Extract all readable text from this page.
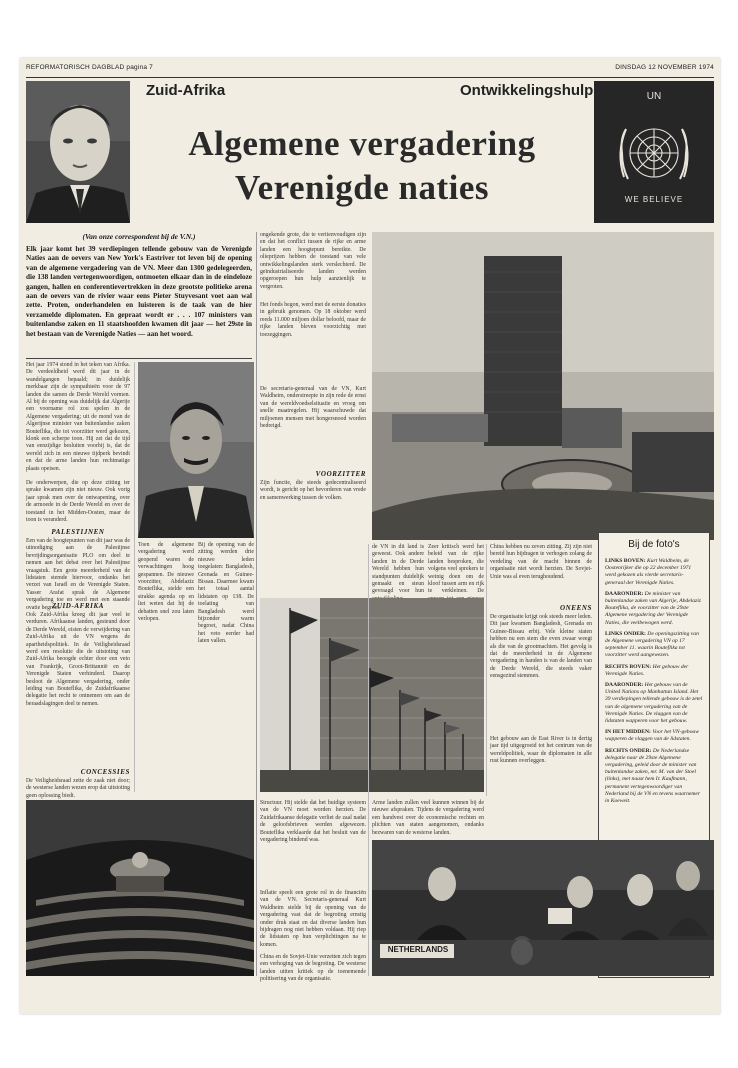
REFORMATORISCH DAGBLAD pagina 7	DINSDAG 12 NOVEMBER 1974
Zuid-Afrika	Ontwikkelingshulp
Algemene vergadering
Verenigde naties
UN
WE BELIEVE
(Van onze correspondent bij de V.N.)
Elk jaar komt het 39 verdiepingen tellende gebouw van de Verenigde Naties aan de oevers van New York's Eastriver tot leven bij de opening van de algemene vergadering van de VN. Meer dan 1300 gedelegeerden, die 138 landen vertegenwoordigen, ontmoeten elkaar dan in de eindeloze gangen, hallen en conferentievertrekken in deze grootste politieke arena aan de oevers van de rivier waar eens Pieter Stuyvesant voet aan wal zette. Proten, onderhandelen en luisteren is de taak van de hier verzamelde diplomaten. En gepraat wordt er . . . 107 ministers van buitenlandse zaken en 11 staatshoofden kwamen dit jaar — het 29ste in het bestaan van de Verenigde Naties — aan het woord.
Het jaar 1974 stond in het teken van Afrika. De verdeeldheid werd dit jaar in de wandelgangen bepaald; in duidelijk merkbaar zijn de sympathieën voor de 97 landen die samen de Derde Wereld vormen. Al bij de opening was duidelijk dat Algerije een voorname rol zou spelen in de Algemene vergadering; uit de mond van de Algerijnse minister van buitenlandse zaken Bouteflika, die tot voorzitter werd gekozen, klonk een scherpe toon. Hij zei dat de tijd van eenzijdige besluiten voorbij is, dat de wereld zich in een nieuwe tijdperk bevindt en dat de arme landen hun rechtmatige plaats opeisen.
De onderwerpen, die op deze zitting ter sprake kwamen zijn niet nieuw. Ook vorig jaar sprak men over de ontwapening, over de armoede in de Derde Wereld en over de toestand in het Midden-Oosten, maar de toon is veranderd.
PALESTIJNEN
Een van de hoogtepunten van dit jaar was de uitnodiging aan de Palestijnse bevrijdingsorganisatie PLO om deel te nemen aan het debat over het Palestijnse vraagstuk. Een grote meerderheid van de lidstaten stemde hiervoor, ondanks het verzet van Israël en de Verenigde Staten. Yasser Arafat sprak de Algemene vergadering toe en werd met een staande ovatie begroet.
ZUID-AFRIKA
Ook Zuid-Afrika kreeg dit jaar veel te verduren. Afrikaanse landen, gesteund door de Derde Wereld, eisten de verwijdering van Zuid-Afrika uit de VN wegens de apartheidspolitiek. In de Veiligheidsraad werd een resolutie die de uitstoting van Zuid-Afrika beoogde echter door een veto van Frankrijk, Groot-Brittannië en de Verenigde Staten verhinderd. Daarop besloot de Algemene vergadering, onder leiding van Bouteflika, de Zuidafrikaanse delegatie het recht te ontnemen om aan de beraadslagingen deel te nemen.
CONCESSIES
De Veiligheidsraad zette de zaak niet door; de westerse landen wezen erop dat uitstoting geen oplossing biedt.
Toen de algemene vergadering werd geopend waren de verwachtingen hoog gespannen. De nieuwe voorzitter, Abdelaziz Bouteflika, stelde een strakke agenda op en liet weten dat hij de debatten snel zou laten verlopen.
Bij de opening van de zitting werden drie nieuwe leden toegelaten: Bangladesh, Grenada en Guinee-Bissau. Daarmee kwam het totaal aantal lidstaten op 138. De toelating van Bangladesh werd bijzonder warm begroet, nadat China het veto eerder had laten vallen.
ongekende grote, die te vertienvoudigen zijn en dat het conflict tussen de rijke en arme landen een hoogtepunt bereikte. De olieprijzen hebben de toestand van vele ontwikkelingslanden sterk verslechterd. De geïndustrialiseerde landen werden opgeroepen hun hulp aanzienlijk te vergroten.
Het fonds begon, werd met de eerste donaties in gebruik genomen. Op 18 oktober werd reeds 11.000 miljoen dollar beloofd, maar de rijke landen bleven voorzichtig met toezeggingen.
De secretaris-generaal van de VN, Kurt Waldheim, onderstreepte in zijn rede de ernst van de wereldvoedselsituatie en vroeg om snelle maatregelen. Hij waarschuwde dat miljoenen mensen met hongersnood worden bedreigd.
VOORZITTER
Zijn functie, die steeds gedecentraliseerd wordt, is gericht op het bevorderen van vrede en samenwerking tussen de volken.
de VN in dit land is geweest. Ook andere landen in de Derde Wereld hebben hun standpunten duidelijk gemaakt en steun gevraagd voor hun
Zeer kritisch werd het beleid van de rijke landen besproken, die volgens veel sprekers te weinig doen om de kloof tussen arm en rijk te verkleinen. De
China hebben nu zeven zitting. Zij zijn niet bereid hun bijdragen te verhogen zolang de verdeling van de macht binnen de organisatie niet wordt herzien. De Sovjet-Unie was al even terughoudend.
ONEENS
De organisatie krijgt ook steeds meer leden. Dit jaar kwamen Bangladesh, Grenada en Guinee-Bissau erbij. Vele kleine staten hebben nu een stem die even zwaar weegt als die van de grootmachten. Het gevolg is dat de meerderheid in de Algemene vergadering in handen is van de landen van de Derde Wereld, die steeds vaker eensgezind stemmen.
Het gebouw aan de East River is in dertig jaar tijd uitgegroeid tot het centrum van de wereldpolitiek, waar de diplomaten in alle rust kunnen overleggen.
Bij de foto's
LINKS BOVEN: Kurt Waldheim, de Oostenrijker die op 22 december 1971 werd gekozen als vierde secretaris-generaal der Verenigde Naties.
DAARONDER: De minister van buitenlandse zaken van Algerije, Abdelaziz Bouteflika, de voorzitter van de 29ste Algemene vergadering der Verenigde Naties, die veelbewogen werd.
LINKS ONDER: De openingszitting van de Algemene vergadering VN op 17 september 11. waarin Bouteflika tot voorzitter werd aangewezen.
RECHTS BOVEN: Het gebouw der Verenigde Naties.
DAARONDER: Het gebouw van de United Nations op Manhattan Island. Het 39 verdiepingen tellende gebouw is de zetel van de algemene vergadering van de Verenigde Naties. De vlaggen van de lidstaten wapperen voor het gebouw.
IN HET MIDDEN: Voor het VN-gebouw wapperen de vlaggen van de lidstaten.
RECHTS ONDER: De Nederlandse delegatie naar de 29ste Algemene vergadering, geleid door de minister van buitenlandse zaken, mr. M. van der Stoel (links), met naast hem Ir. Kaufmann, permanent vertegenwoordiger van Nederland bij de VN en tevens waarnemer in Koeweit.
Structuur. Hij stelde dat het huidige systeem van de VN moet worden herzien. De Zuidafrikaanse delegatie verliet de zaal nadat de geloofsbrieven werden afgewezen. Bouteflika verklaarde dat het besluit van de vergadering bindend was.
Inflatie speelt een grote rol in de financiën van de VN. Secretaris-generaal Kurt Waldheim stelde bij de opening van de vergadering vast dat de begroting ernstig onder druk staat en dat diverse landen hun bijdragen nog niet hebben voldaan. Hij riep de lidstaten op hun verplichtingen na te komen.
China en de Sovjet-Unie verzetten zich tegen een verhoging van de begroting. De westerse landen uitten kritiek op de toenemende politisering van de organisatie.
Arme landen zullen veel kunnen winnen bij de nieuwe afspraken. Tijdens de vergadering werd een handvest over de economische rechten en plichten van staten aangenomen, ondanks bezwaren van de westerse landen.
NETHERLANDS
